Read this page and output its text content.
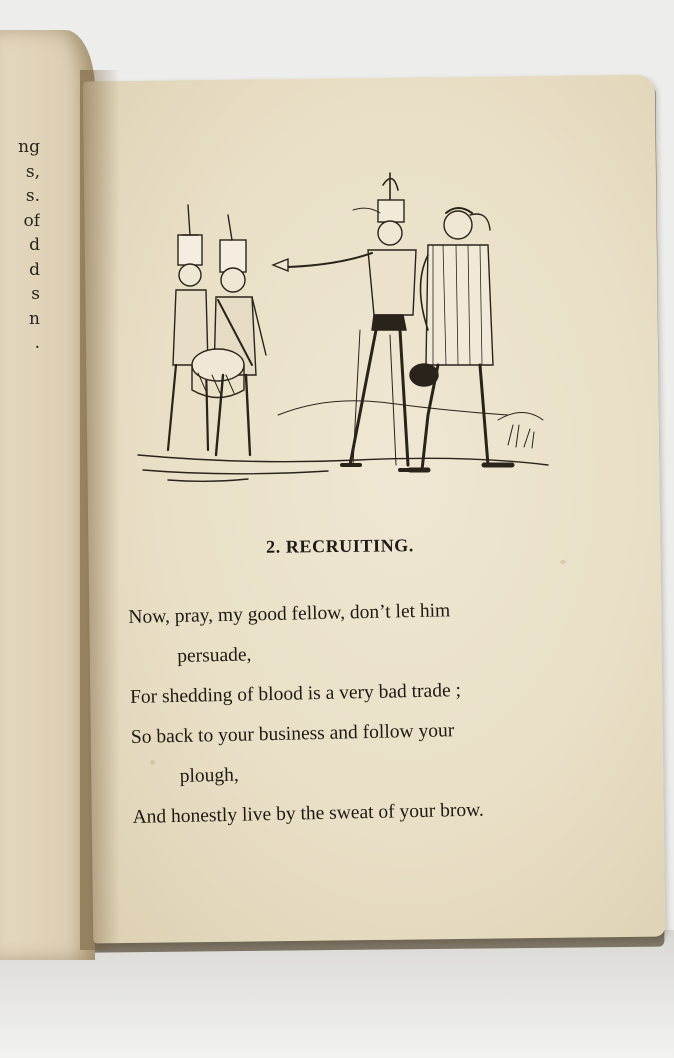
ng
s,
s.
of
d
d
s
n
.
2. RECRUITING.
Now, pray, my good fellow, don’t let him
persuade,
For shedding of blood is a very bad trade ;
So back to your business and follow your
plough,
And honestly live by the sweat of your brow.
